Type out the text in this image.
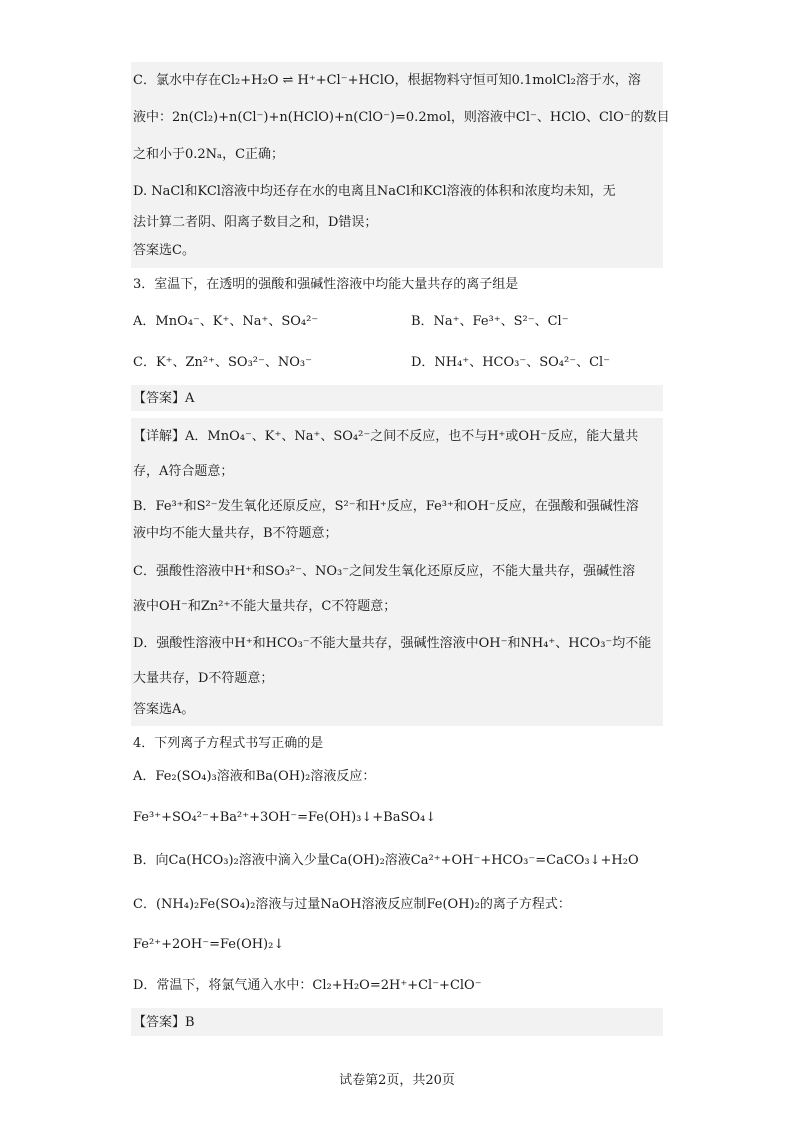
C．氯水中存在Cl₂+H₂O ⇌ H⁺+Cl⁻+HClO，根据物料守恒可知0.1molCl₂溶于水，溶
液中：2n(Cl₂)+n(Cl⁻)+n(HClO)+n(ClO⁻)=0.2mol，则溶液中Cl⁻、HClO、ClO⁻的数目
之和小于0.2Nₐ，C正确；
D. NaCl和KCl溶液中均还存在水的电离且NaCl和KCl溶液的体积和浓度均未知，无
法计算二者阴、阳离子数目之和，D错误；
答案选C。
3．室温下，在透明的强酸和强碱性溶液中均能大量共存的离子组是
A．MnO₄⁻、K⁺、Na⁺、SO₄²⁻	B．Na⁺、Fe³⁺、S²⁻、Cl⁻
C．K⁺、Zn²⁺、SO₃²⁻、NO₃⁻	D．NH₄⁺、HCO₃⁻、SO₄²⁻、Cl⁻
【答案】A
【详解】A．MnO₄⁻、K⁺、Na⁺、SO₄²⁻之间不反应，也不与H⁺或OH⁻反应，能大量共
存，A符合题意；
B．Fe³⁺和S²⁻发生氧化还原反应，S²⁻和H⁺反应，Fe³⁺和OH⁻反应，在强酸和强碱性溶
液中均不能大量共存，B不符题意；
C．强酸性溶液中H⁺和SO₃²⁻、NO₃⁻之间发生氧化还原反应，不能大量共存，强碱性溶
液中OH⁻和Zn²⁺不能大量共存，C不符题意；
D．强酸性溶液中H⁺和HCO₃⁻不能大量共存，强碱性溶液中OH⁻和NH₄⁺、HCO₃⁻均不能
大量共存，D不符题意；
答案选A。
4．下列离子方程式书写正确的是
A．Fe₂(SO₄)₃溶液和Ba(OH)₂溶液反应：
Fe³⁺+SO₄²⁻+Ba²⁺+3OH⁻=Fe(OH)₃↓+BaSO₄↓
B．向Ca(HCO₃)₂溶液中滴入少量Ca(OH)₂溶液Ca²⁺+OH⁻+HCO₃⁻=CaCO₃↓+H₂O
C．(NH₄)₂Fe(SO₄)₂溶液与过量NaOH溶液反应制Fe(OH)₂的离子方程式：
Fe²⁺+2OH⁻=Fe(OH)₂↓
D．常温下，将氯气通入水中：Cl₂+H₂O=2H⁺+Cl⁻+ClO⁻
【答案】B
试卷第2页，共20页
